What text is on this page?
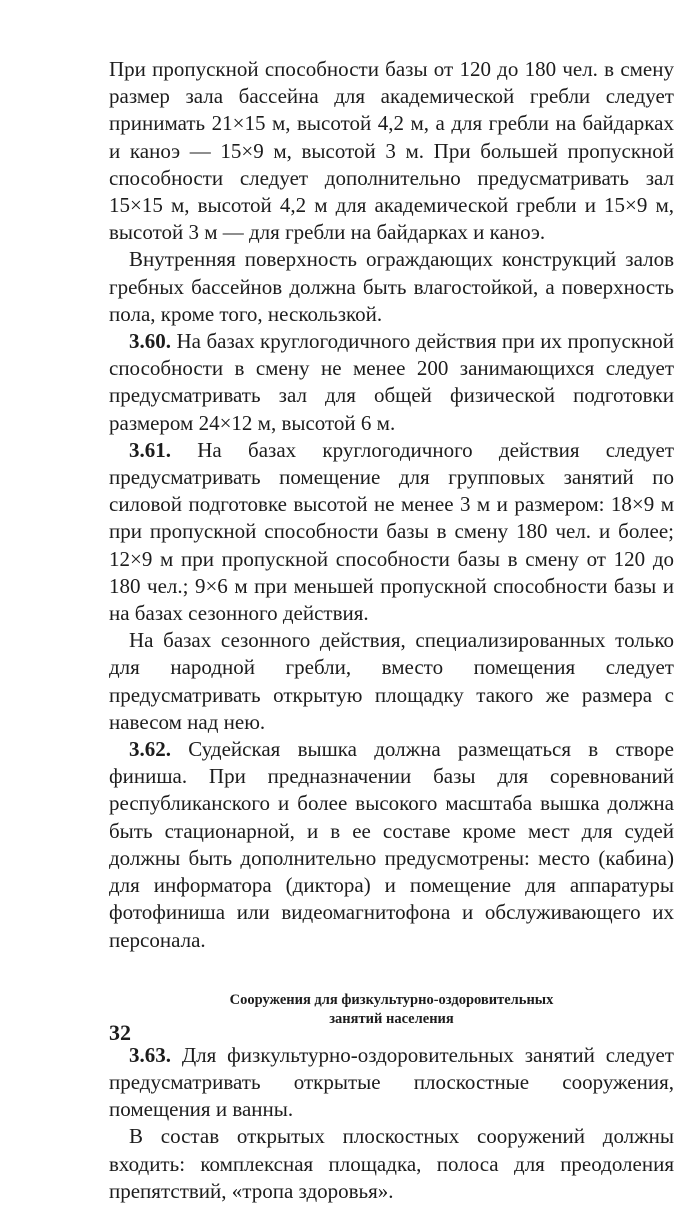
При пропускной способности базы от 120 до 180 чел. в смену размер зала бассейна для академической гребли следует принимать 21×15 м, высотой 4,2 м, а для гребли на байдарках и каноэ — 15×9 м, высотой 3 м. При большей пропускной способности следует дополнительно предусматривать зал 15×15 м, высотой 4,2 м для академической гребли и 15×9 м, высотой 3 м — для гребли на байдарках и каноэ.

Внутренняя поверхность ограждающих конструкций залов гребных бассейнов должна быть влагостойкой, а поверхность пола, кроме того, нескользкой.

3.60. На базах круглогодичного действия при их пропускной способности в смену не менее 200 занимающихся следует предусматривать зал для общей физической подготовки размером 24×12 м, высотой 6 м.

3.61. На базах круглогодичного действия следует предусматривать помещение для групповых занятий по силовой подготовке высотой не менее 3 м и размером: 18×9 м при пропускной способности базы в смену 180 чел. и более; 12×9 м при пропускной способности базы в смену от 120 до 180 чел.; 9×6 м при меньшей пропускной способности базы и на базах сезонного действия.

На базах сезонного действия, специализированных только для народной гребли, вместо помещения следует предусматривать открытую площадку такого же размера с навесом над нею.

3.62. Судейская вышка должна размещаться в створе финиша. При предназначении базы для соревнований республиканского и более высокого масштаба вышка должна быть стационарной, и в ее составе кроме мест для судей должны быть дополнительно предусмотрены: место (кабина) для информатора (диктора) и помещение для аппаратуры фотофиниша или видеомагнитофона и обслуживающего их персонала.

Сооружения для физкультурно-оздоровительных
занятий населения

3.63. Для физкультурно-оздоровительных занятий следует предусматривать открытые плоскостные сооружения, помещения и ванны.

В состав открытых плоскостных сооружений должны входить: комплексная площадка, полоса для преодоления препятствий, «тропа здоровья».

32
